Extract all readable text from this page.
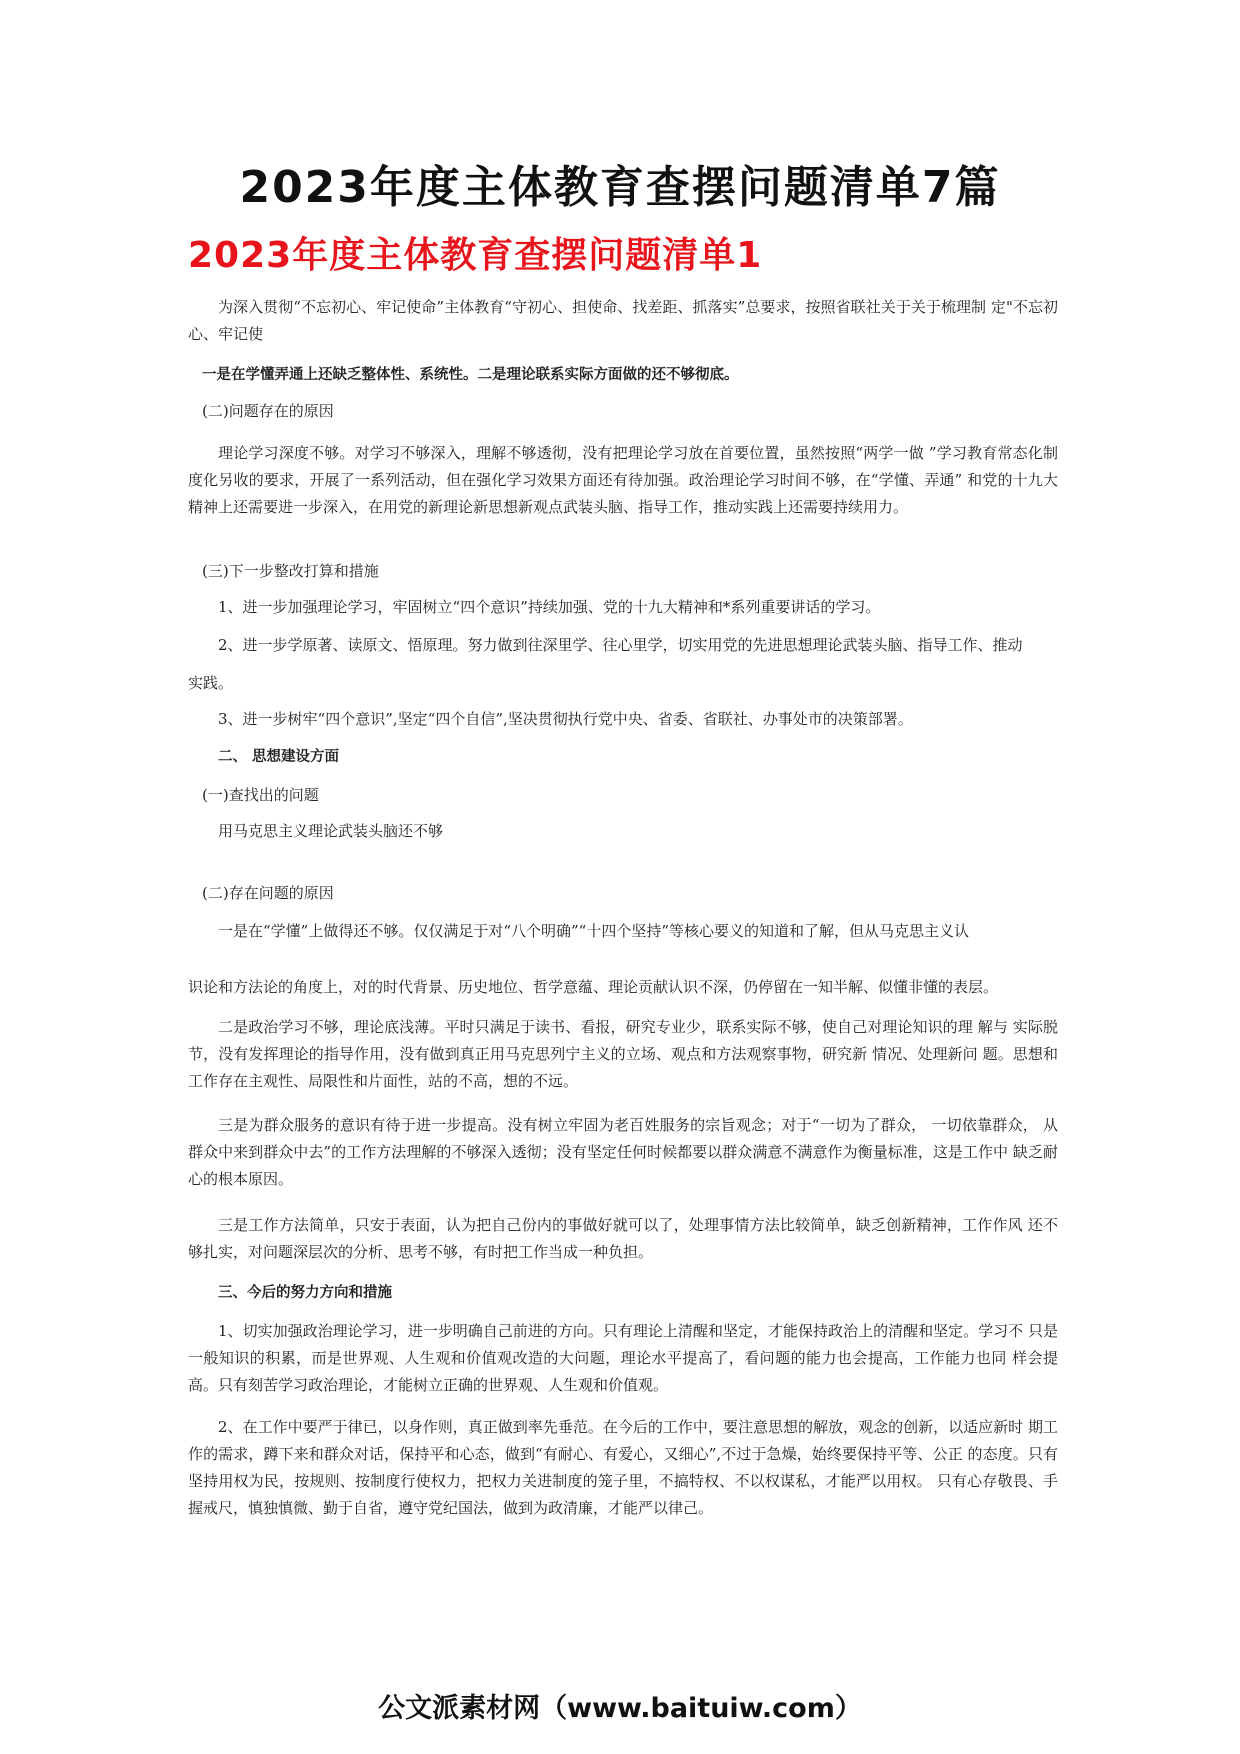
2023年度主体教育查摆问题清单7篇
2023年度主体教育查摆问题清单1

为深入贯彻“不忘初心、牢记使命”主体教育“守初心、担使命、找差距、抓落实”总要求，按照省联社关于关于梳理制 定"不忘初心、牢记使

一是在学懂弄通上还缺乏整体性、系统性。二是理论联系实际方面做的还不够彻底。

(二)问题存在的原因

理论学习深度不够。对学习不够深入，理解不够透彻，没有把理论学习放在首要位置，虽然按照“两学一做 ”学习教育常态化制度化另收的要求，开展了一系列活动，但在强化学习效果方面还有待加强。政治理论学习时间不够，在“学懂、弄通” 和党的十九大精神上还需要进一步深入，在用党的新理论新思想新观点武装头脑、指导工作，推动实践上还需要持续用力。

(三)下一步整改打算和措施

1、进一步加强理论学习，牢固树立“四个意识”持续加强、党的十九大精神和*系列重要讲话的学习。

2、进一步学原著、读原文、悟原理。努力做到往深里学、往心里学，切实用党的先进思想理论武装头脑、指导工作、推动

实践。

3、进一步树牢“四个意识”,坚定“四个自信”,坚决贯彻执行党中央、省委、省联社、办事处市的决策部署。

二、 思想建设方面

(一)查找出的问题

用马克思主义理论武装头脑还不够

(二)存在问题的原因

一是在“学懂”上做得还不够。仅仅满足于对“八个明确”“十四个坚持”等核心要义的知道和了解，但从马克思主义认

识论和方法论的角度上，对的时代背景、历史地位、哲学意蕴、理论贡献认识不深，仍停留在一知半解、似懂非懂的表层。

二是政治学习不够，理论底浅薄。平时只满足于读书、看报，研究专业少，联系实际不够，使自己对理论知识的理 解与 实际脱节，没有发挥理论的指导作用，没有做到真正用马克思列宁主义的立场、观点和方法观察事物，研究新 情况、处理新问 题。思想和工作存在主观性、局限性和片面性，站的不高，想的不远。

三是为群众服务的意识有待于进一步提高。没有树立牢固为老百姓服务的宗旨观念；对于“一切为了群众， 一切依靠群众， 从群众中来到群众中去”的工作方法理解的不够深入透彻；没有坚定任何时候都要以群众满意不满意作为衡量标准，这是工作中 缺乏耐心的根本原因。

三是工作方法简单，只安于表面，认为把自己份内的事做好就可以了，处理事情方法比较简单，缺乏创新精神，工作作风 还不够扎实，对问题深层次的分析、思考不够，有时把工作当成一种负担。

三、今后的努力方向和措施

1、切实加强政治理论学习，进一步明确自己前进的方向。只有理论上清醒和坚定，才能保持政治上的清醒和坚定。学习不 只是一般知识的积累，而是世界观、人生观和价值观改造的大问题，理论水平提高了，看问题的能力也会提高，工作能力也同 样会提高。只有刻苦学习政治理论，才能树立正确的世界观、人生观和价值观。

2、在工作中要严于律已，以身作则，真正做到率先垂范。在今后的工作中，要注意思想的解放，观念的创新，以适应新时 期工作的需求，蹲下来和群众对话，保持平和心态，做到“有耐心、有爱心，又细心”,不过于急燥，始终要保持平等、公正 的态度。只有坚持用权为民，按规则、按制度行使权力，把权力关进制度的笼子里，不搞特权、不以权谋私，才能严以用权。 只有心存敬畏、手握戒尺，慎独慎微、勤于自省，遵守党纪国法，做到为政清廉，才能严以律己。

公文派素材网（www.baituiw.com）
